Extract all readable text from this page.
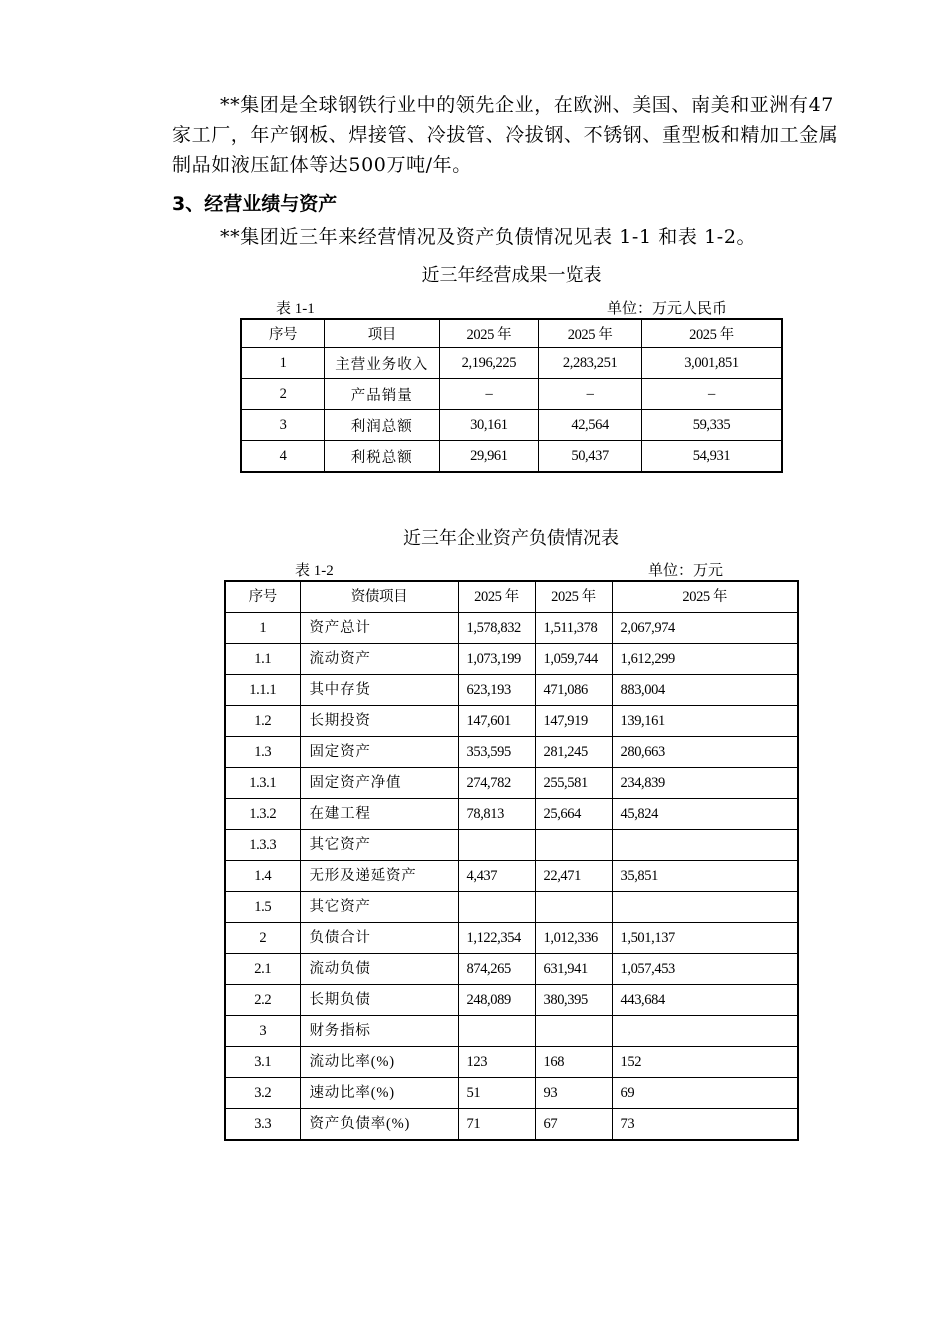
**集团是全球钢铁行业中的领先企业，在欧洲、美国、南美和亚洲有47家工厂，年产钢板、焊接管、冷拔管、冷拔钢、不锈钢、重型板和精加工金属制品如液压缸体等达500万吨/年。
3、经营业绩与资产
**集团近三年来经营情况及资产负债情况见表 1-1 和表 1-2。
近三年经营成果一览表
表 1-1	单位：万元人民币
序号	项目	2025 年	2025 年	2025 年
1	主营业务收入	2,196,225	2,283,251	3,001,851
2	产品销量	–	–	–
3	利润总额	30,161	42,564	59,335
4	利税总额	29,961	50,437	54,931
近三年企业资产负债情况表
表 1-2	单位：万元
序号	资债项目	2025 年	2025 年	2025 年
1	资产总计	1,578,832	1,511,378	2,067,974
1.1	流动资产	1,073,199	1,059,744	1,612,299
1.1.1	其中存货	623,193	471,086	883,004
1.2	长期投资	147,601	147,919	139,161
1.3	固定资产	353,595	281,245	280,663
1.3.1	固定资产净值	274,782	255,581	234,839
1.3.2	在建工程	78,813	25,664	45,824
1.3.3	其它资产			
1.4	无形及递延资产	4,437	22,471	35,851
1.5	其它资产			
2	负债合计	1,122,354	1,012,336	1,501,137
2.1	流动负债	874,265	631,941	1,057,453
2.2	长期负债	248,089	380,395	443,684
3	财务指标			
3.1	流动比率(%)	123	168	152
3.2	速动比率(%)	51	93	69
3.3	资产负债率(%)	71	67	73
